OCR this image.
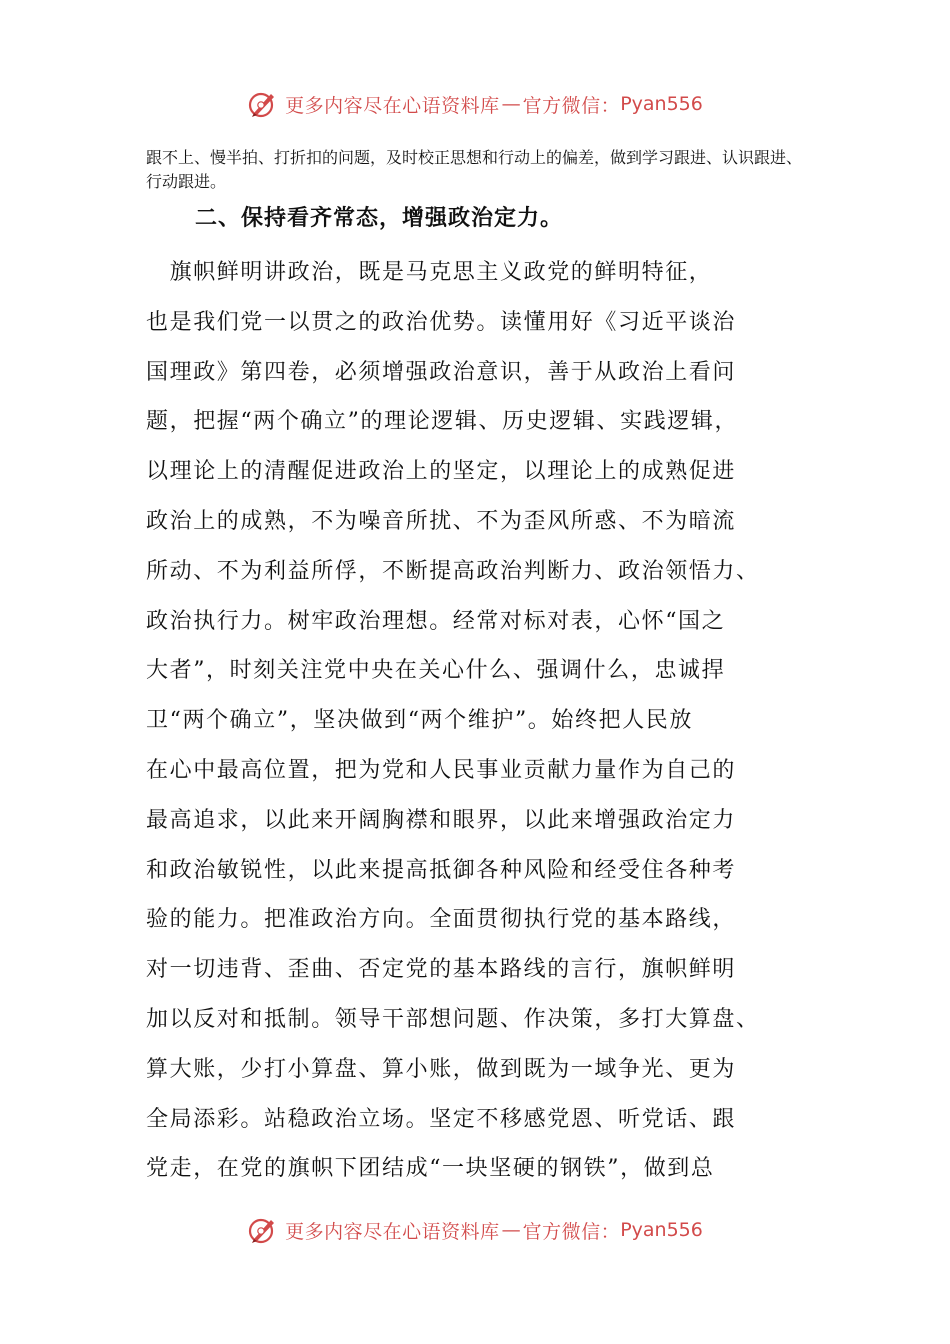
更多内容尽在心语资料库 — 官方微信： Pyan556
跟不上、慢半拍、打折扣的问题，及时校正思想和行动上的偏差，做到学习跟进、认识跟进、行动跟进。
二、保持看齐常态，增强政治定力。
　旗帜鲜明讲政治，既是马克思主义政党的鲜明特征，
也是我们党一以贯之的政治优势。读懂用好《习近平谈治
国理政》第四卷，必须增强政治意识，善于从政治上看问
题，把握“两个确立”的理论逻辑、历史逻辑、实践逻辑，
以理论上的清醒促进政治上的坚定，以理论上的成熟促进
政治上的成熟，不为噪音所扰、不为歪风所惑、不为暗流
所动、不为利益所俘，不断提高政治判断力、政治领悟力、
政治执行力。树牢政治理想。经常对标对表，心怀“国之
大者”，时刻关注党中央在关心什么、强调什么，忠诚捍
卫“两个确立”，坚决做到“两个维护”。始终把人民放
在心中最高位置，把为党和人民事业贡献力量作为自己的
最高追求，以此来开阔胸襟和眼界，以此来增强政治定力
和政治敏锐性，以此来提高抵御各种风险和经受住各种考
验的能力。把准政治方向。全面贯彻执行党的基本路线，
对一切违背、歪曲、否定党的基本路线的言行，旗帜鲜明
加以反对和抵制。领导干部想问题、作决策，多打大算盘、
算大账，少打小算盘、算小账，做到既为一域争光、更为
全局添彩。站稳政治立场。坚定不移感党恩、听党话、跟
党走，在党的旗帜下团结成“一块坚硬的钢铁”，做到总
更多内容尽在心语资料库 — 官方微信： Pyan556
